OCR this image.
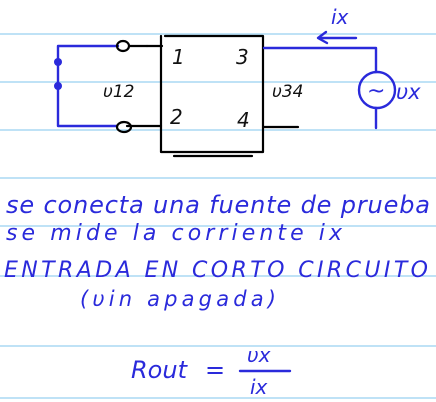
1
2
3
4
υ12	~ υx
υ34
ix
se conecta una fuente de prueba
se mide la corriente ix
ENTRADA EN CORTO CIRCUITO
(υin apagada)
Rout =
υx
ix
